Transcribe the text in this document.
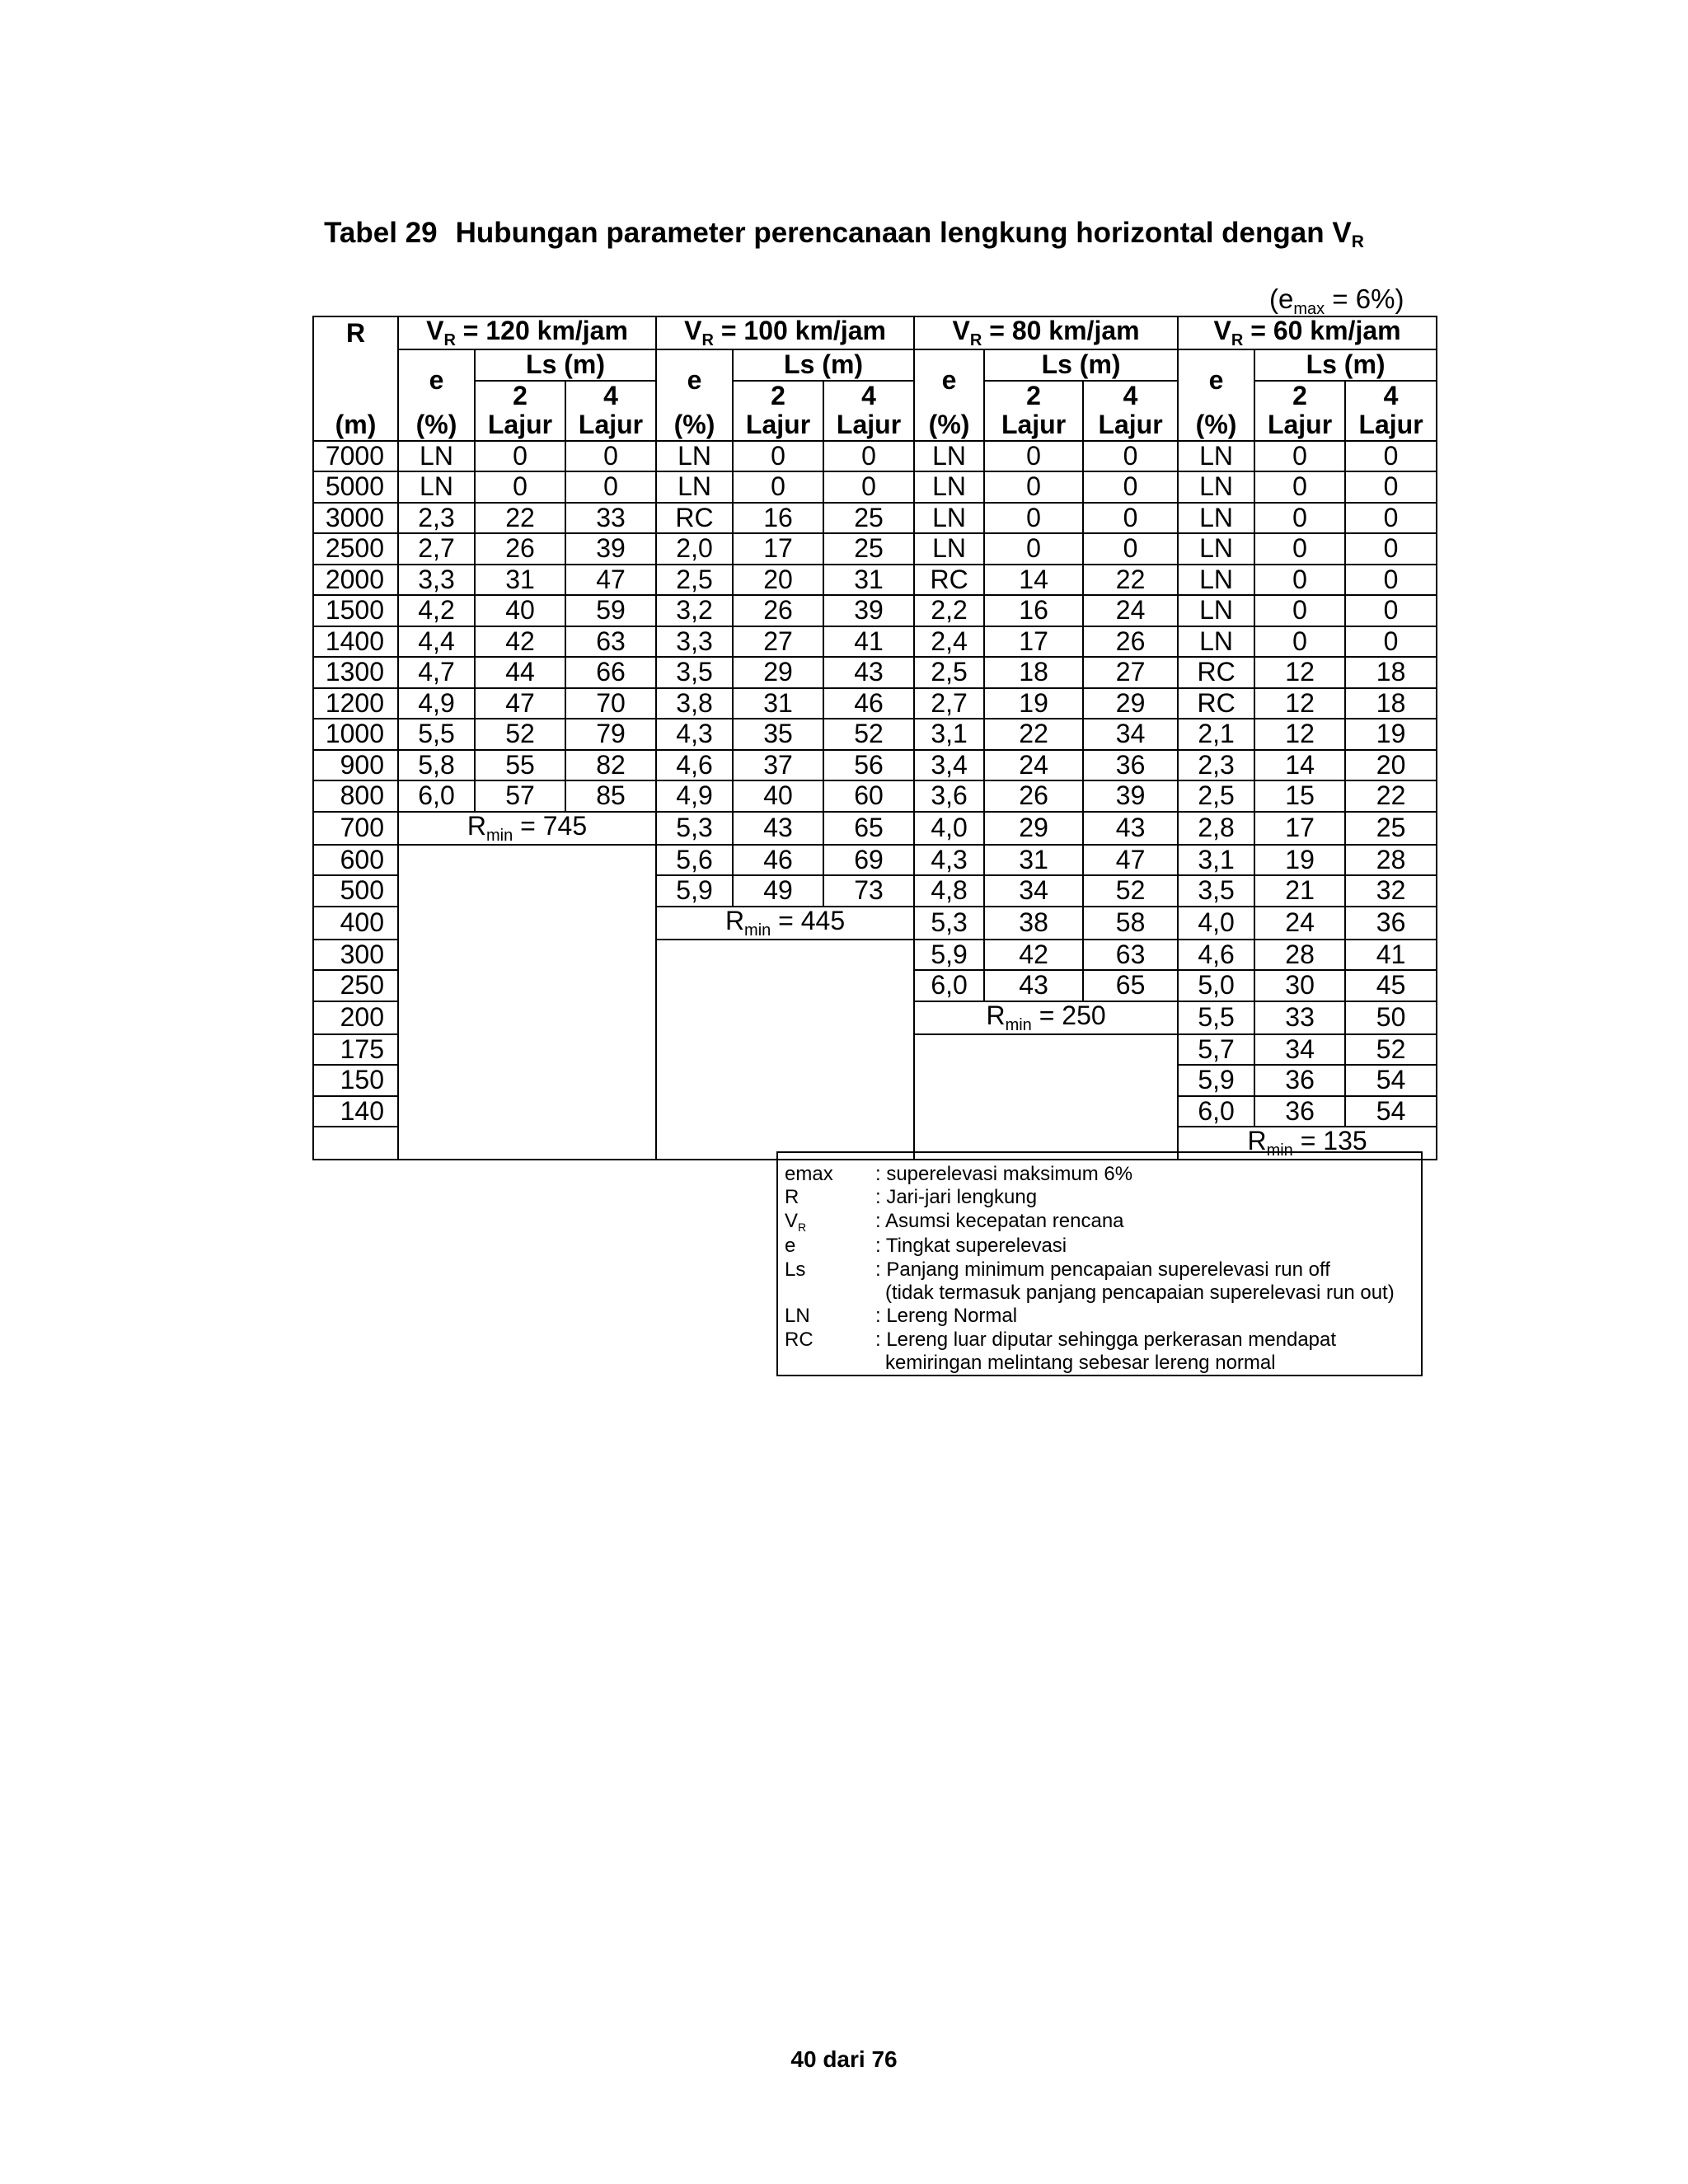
Tabel 29 Hubungan parameter perencanaan lengkung horizontal dengan $V_R$
$(e_{max} = 6\%)$
R	$V_R = 120$ km/jam			$V_R = 100$ km/jam			$V_R = 80$ km/jam			$V_R = 60$ km/jam		
	e	Ls (m)		e	Ls (m)		e	Ls (m)		e	Ls (m)	
		2	4		2	4		2	4		2	4
(m)	(%)	Lajur	Lajur	(%)	Lajur	Lajur	(%)	Lajur	Lajur	(%)	Lajur	Lajur
7000	LN	0	0	LN	0	0	LN	0	0	LN	0	0
5000	LN	0	0	LN	0	0	LN	0	0	LN	0	0
3000	2,3	22	33	RC	16	25	LN	0	0	LN	0	0
2500	2,7	26	39	2,0	17	25	LN	0	0	LN	0	0
2000	3,3	31	47	2,5	20	31	RC	14	22	LN	0	0
1500	4,2	40	59	3,2	26	39	2,2	16	24	LN	0	0
1400	4,4	42	63	3,3	27	41	2,4	17	26	LN	0	0
1300	4,7	44	66	3,5	29	43	2,5	18	27	RC	12	18
1200	4,9	47	70	3,8	31	46	2,7	19	29	RC	12	18
1000	5,5	52	79	4,3	35	52	3,1	22	34	2,1	12	19
900	5,8	55	82	4,6	37	56	3,4	24	36	2,3	14	20
800	6,0	57	85	4,9	40	60	3,6	26	39	2,5	15	22
700	$R_{min} = 745$			5,3	43	65	4,0	29	43	2,8	17	25
600				5,6	46	69	4,3	31	47	3,1	19	28
500				5,9	49	73	4,8	34	52	3,5	21	32
400				$R_{min} = 445$			5,3	38	58	4,0	24	36
300							5,9	42	63	4,6	28	41
250							6,0	43	65	5,0	30	45
200							$R_{min} = 250$			5,5	33	50
175										5,7	34	52
150										5,9	36	54
140										6,0	36	54
										$R_{min} = 135$		
emax	: superelevasi maksimum 6%
R	: Jari-jari lengkung
$V_R$	: Asumsi kecepatan rencana
e	: Tingkat superelevasi
Ls	: Panjang minimum pencapaian superelevasi run off
(tidak termasuk panjang pencapaian superelevasi run out)
LN	: Lereng Normal
RC	: Lereng luar diputar sehingga perkerasan mendapat
kemiringan melintang sebesar lereng normal
40 dari 76
